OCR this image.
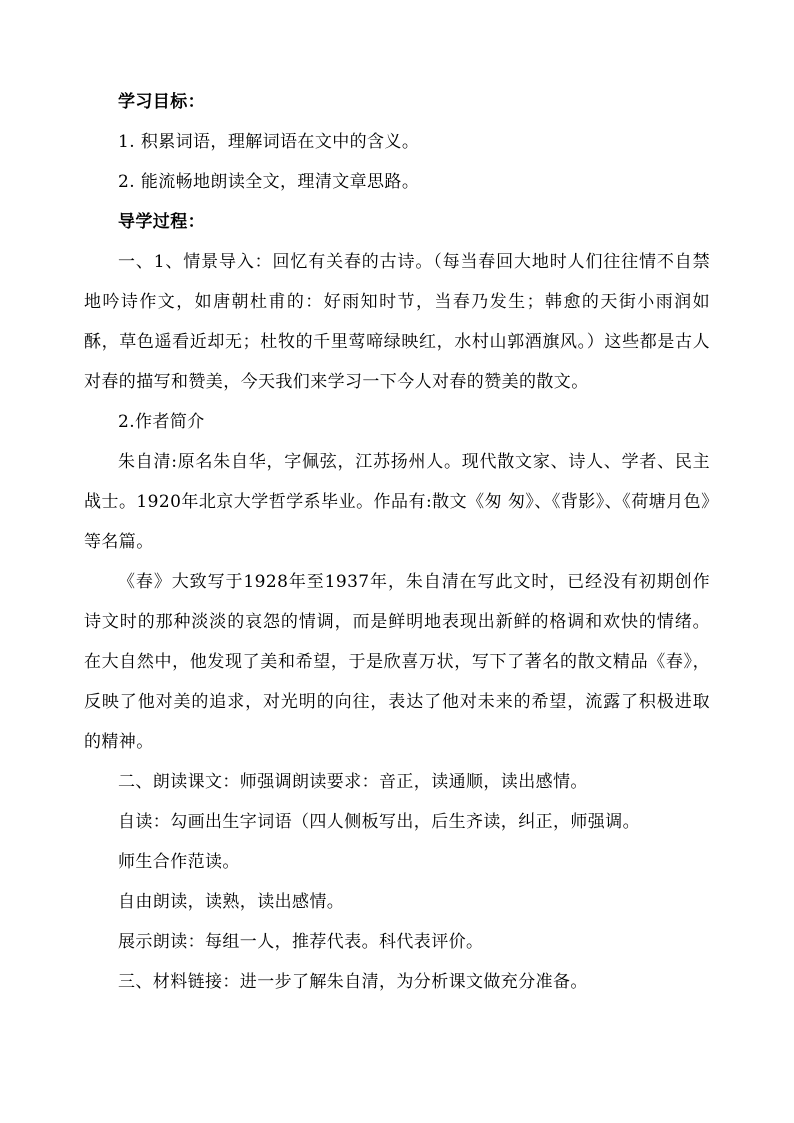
学习目标：

1. 积累词语，理解词语在文中的含义。

2. 能流畅地朗读全文，理清文章思路。

导学过程：

一、1、情景导入：回忆有关春的古诗。（每当春回大地时人们往往情不自禁地吟诗作文，如唐朝杜甫的：好雨知时节，当春乃发生；韩愈的天街小雨润如酥，草色遥看近却无；杜牧的千里莺啼绿映红，水村山郭酒旗风。）这些都是古人对春的描写和赞美，今天我们来学习一下今人对春的赞美的散文。

2.作者简介

朱自清:原名朱自华，字佩弦，江苏扬州人。现代散文家、诗人、学者、民主战士。1920年北京大学哲学系毕业。作品有:散文《匆 匆》、《背影》、《荷塘月色》等名篇。

《春》大致写于1928年至1937年，朱自清在写此文时，已经没有初期创作诗文时的那种淡淡的哀怨的情调，而是鲜明地表现出新鲜的格调和欢快的情绪。在大自然中，他发现了美和希望，于是欣喜万状，写下了著名的散文精品《春》，反映了他对美的追求，对光明的向往，表达了他对未来的希望，流露了积极进取的精神。

二、朗读课文：师强调朗读要求：音正，读通顺，读出感情。

自读：勾画出生字词语（四人侧板写出，后生齐读，纠正，师强调。

师生合作范读。

自由朗读，读熟，读出感情。

展示朗读：每组一人，推荐代表。科代表评价。

三、材料链接：进一步了解朱自清，为分析课文做充分准备。
